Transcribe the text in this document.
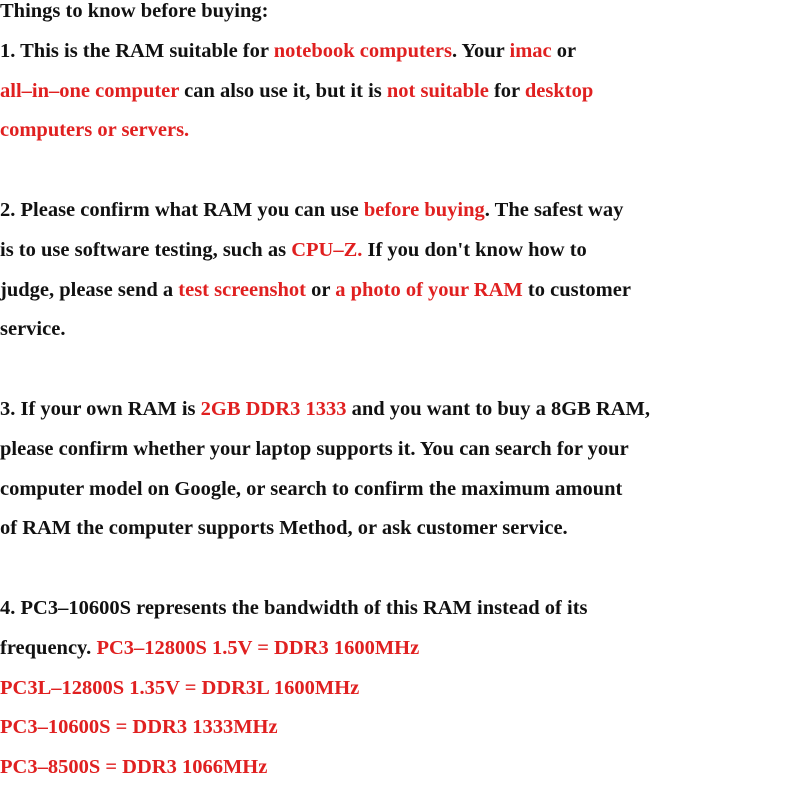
Things to know before buying:
1. This is the RAM suitable for notebook computers. Your imac or
all–in–one computer can also use it, but it is not suitable for desktop
computers or servers.
2. Please confirm what RAM you can use before buying. The safest way
is to use software testing, such as CPU–Z. If you don't know how to
judge, please send a test screenshot or a photo of your RAM to customer
service.
3. If your own RAM is 2GB DDR3 1333 and you want to buy a 8GB RAM,
please confirm whether your laptop supports it. You can search for your
computer model on Google, or search to confirm the maximum amount
of RAM the computer supports Method, or ask customer service.
4. PC3–10600S represents the bandwidth of this RAM instead of its
frequency. PC3–12800S 1.5V = DDR3 1600MHz
PC3L–12800S 1.35V = DDR3L 1600MHz
PC3–10600S = DDR3 1333MHz
PC3–8500S = DDR3 1066MHz
